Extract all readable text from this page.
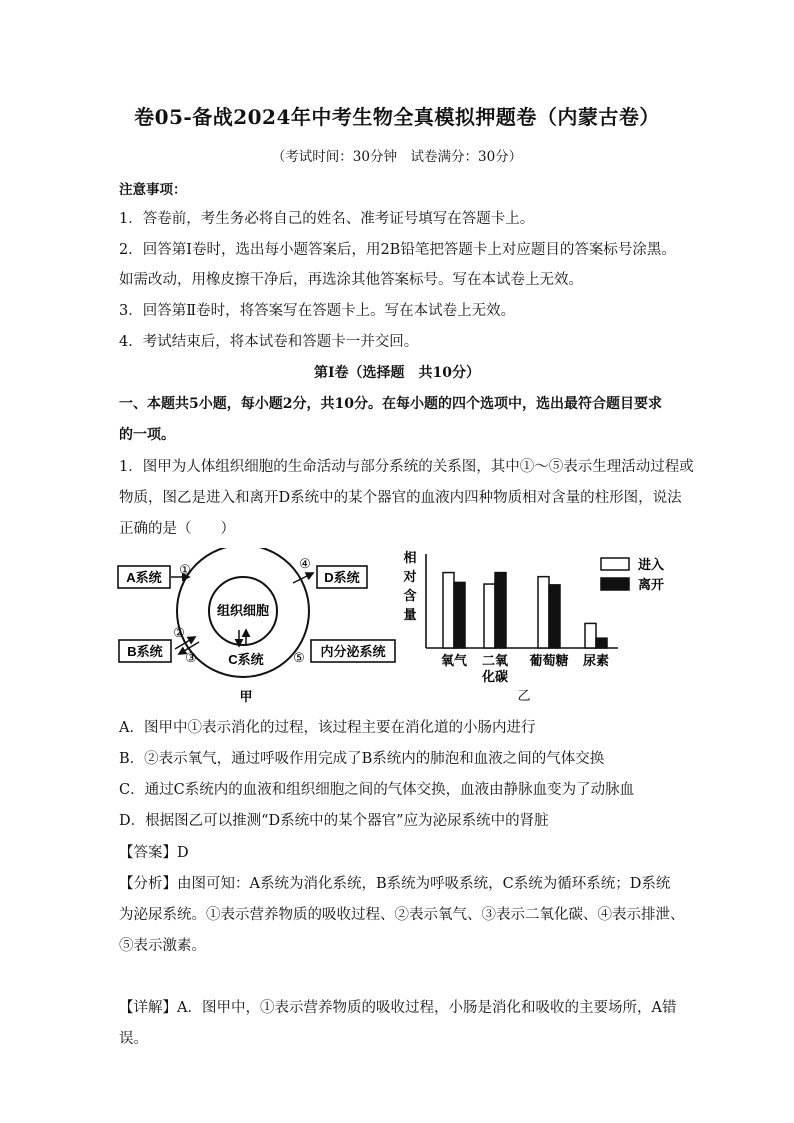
卷05-备战2024年中考生物全真模拟押题卷（内蒙古卷）
（考试时间：30分钟　试卷满分：30分）
注意事项：
1．答卷前，考生务必将自己的姓名、准考证号填写在答题卡上。
2．回答第Ⅰ卷时，选出每小题答案后，用2B铅笔把答题卡上对应题目的答案标号涂黑。
如需改动，用橡皮擦干净后，再选涂其他答案标号。写在本试卷上无效。
3．回答第Ⅱ卷时，将答案写在答题卡上。写在本试卷上无效。
4．考试结束后，将本试卷和答题卡一并交回。
第Ⅰ卷（选择题　共10分）
一、本题共5小题，每小题2分，共10分。在每小题的四个选项中，选出最符合题目要求
的一项。
1．图甲为人体组织细胞的生命活动与部分系统的关系图，其中①～⑤表示生理活动过程或
物质，图乙是进入和离开D系统中的某个器官的血液内四种物质相对含量的柱形图，说法
正确的是（　　）
A系统	D系统
B系统	内分泌系统
组织细胞
C系统
①	④
②
③	⑤
甲
相
对
含
量
氧气 二氧
化碳
葡萄糖 尿素
进入
离开
乙
A．图甲中①表示消化的过程，该过程主要在消化道的小肠内进行
B．②表示氧气，通过呼吸作用完成了B系统内的肺泡和血液之间的气体交换
C．通过C系统内的血液和组织细胞之间的气体交换，血液由静脉血变为了动脉血
D．根据图乙可以推测“D系统中的某个器官”应为泌尿系统中的肾脏
【答案】D
【分析】由图可知：A系统为消化系统，B系统为呼吸系统，C系统为循环系统；D系统
为泌尿系统。①表示营养物质的吸收过程、②表示氧气、③表示二氧化碳、④表示排泄、
⑤表示激素。
【详解】A．图甲中，①表示营养物质的吸收过程，小肠是消化和吸收的主要场所，A错
误。
